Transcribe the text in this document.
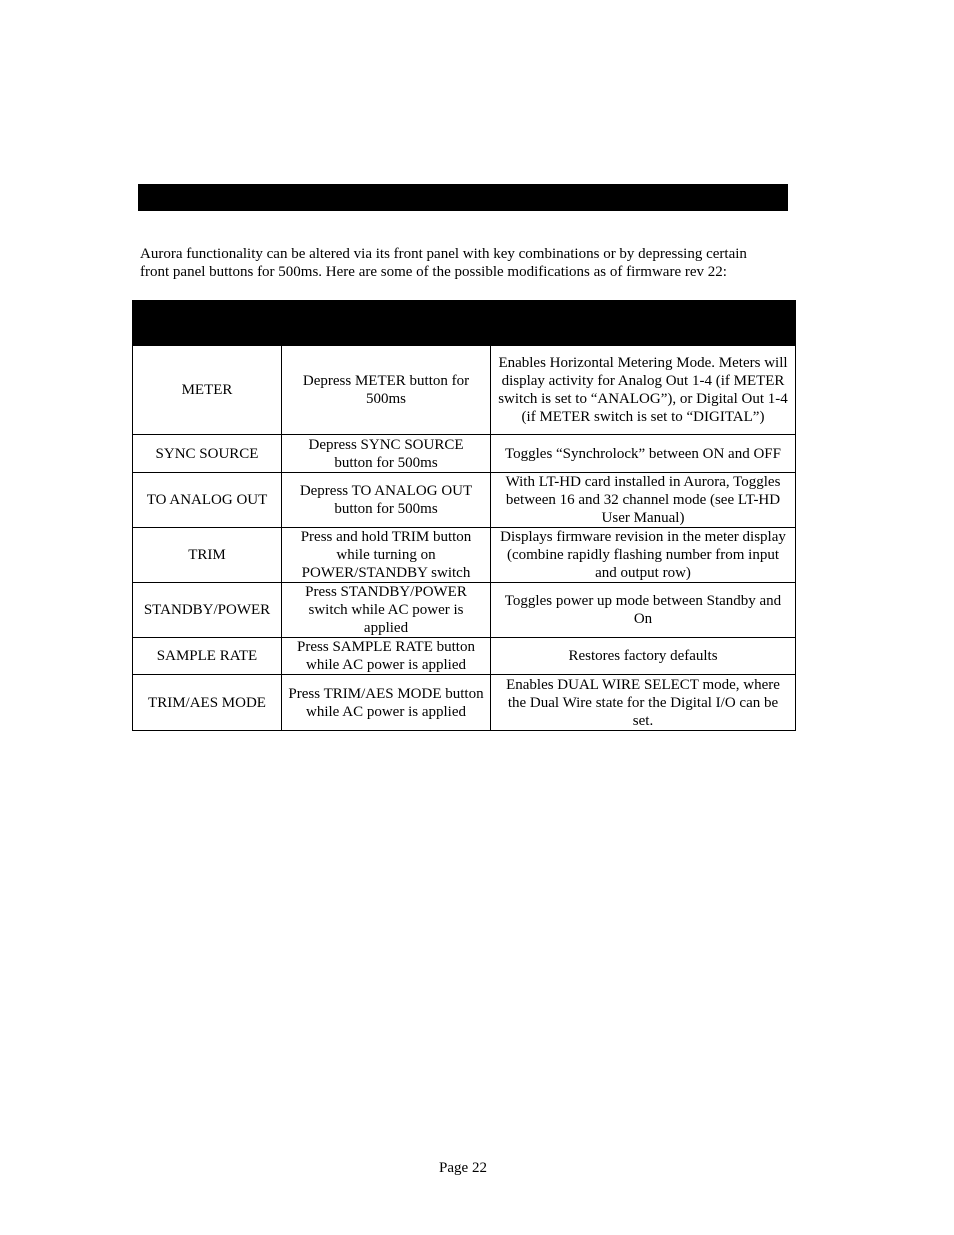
Aurora functionality can be altered via its front panel with key combinations or by depressing certain

front panel buttons for 500ms. Here are some of the possible modifications as of firmware rev 22:

METER	Depress METER button for 500ms	Enables Horizontal Metering Mode. Meters will display activity for Analog Out 1-4 (if METER switch is set to “ANALOG”), or Digital Out 1-4 (if METER switch is set to “DIGITAL”)
SYNC SOURCE	Depress SYNC SOURCE button for 500ms	Toggles “Synchrolock” between ON and OFF
TO ANALOG OUT	Depress TO ANALOG OUT button for 500ms	With LT-HD card installed in Aurora, Toggles between 16 and 32 channel mode (see LT-HD User Manual)
TRIM	Press and hold TRIM button while turning on POWER/STANDBY switch	Displays firmware revision in the meter display (combine rapidly flashing number from input and output row)
STANDBY/POWER	Press STANDBY/POWER switch while AC power is applied	Toggles power up mode between Standby and On
SAMPLE RATE	Press SAMPLE RATE button while AC power is applied	Restores factory defaults
TRIM/AES MODE	Press TRIM/AES MODE button while AC power is applied	Enables DUAL WIRE SELECT mode, where the Dual Wire state for the Digital I/O can be set.
Page 22
